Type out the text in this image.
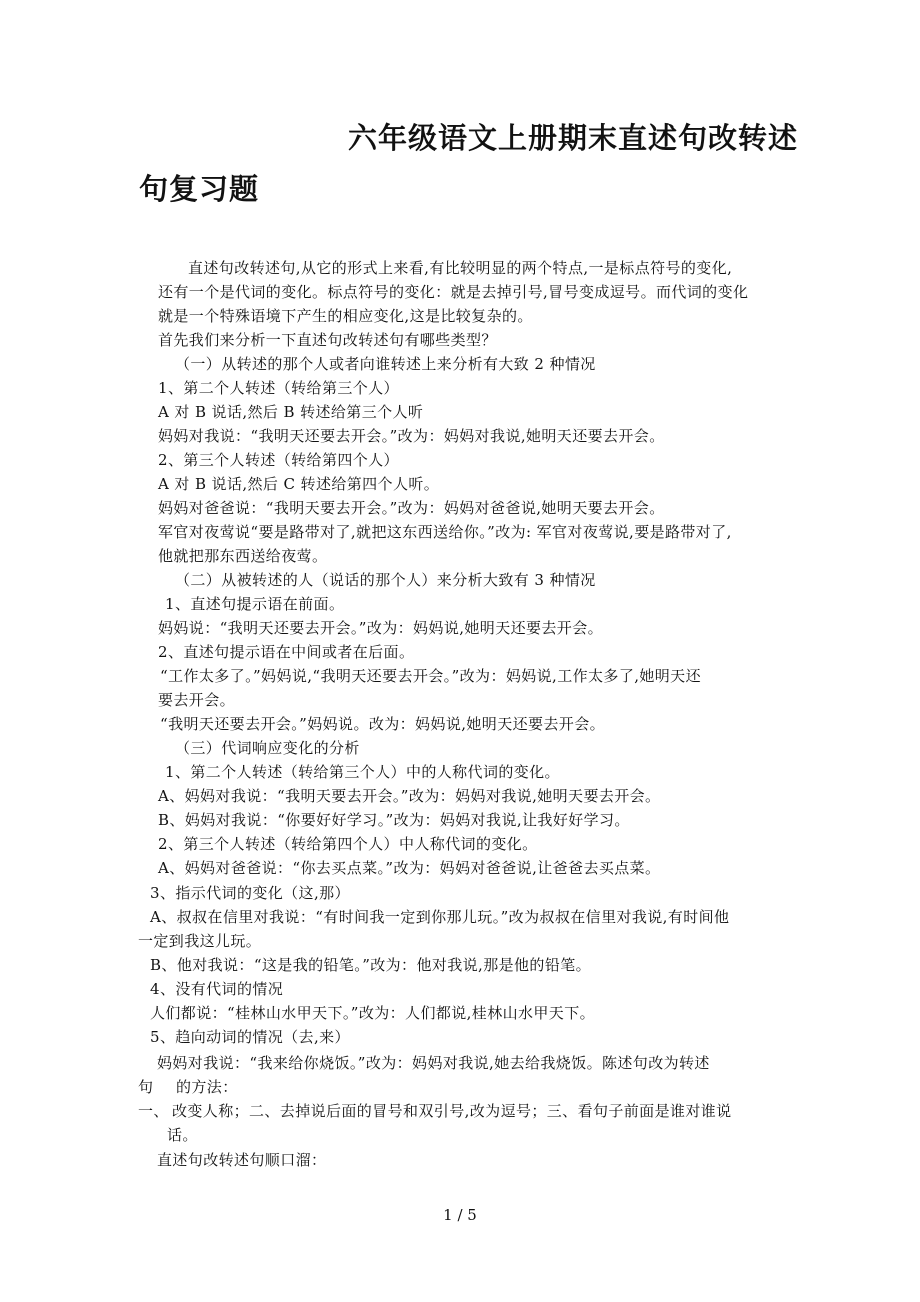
六年级语文上册期末直述句改转述
句复习题
直述句改转述句,从它的形式上来看,有比较明显的两个特点,一是标点符号的变化,
还有一个是代词的变化。标点符号的变化：就是去掉引号,冒号变成逗号。而代词的变化
就是一个特殊语境下产生的相应变化,这是比较复杂的。
首先我们来分析一下直述句改转述句有哪些类型？
（一）从转述的那个人或者向谁转述上来分析有大致 2 种情况
1、第二个人转述（转给第三个人）
A 对 B 说话,然后 B 转述给第三个人听
妈妈对我说：“我明天还要去开会。”改为：妈妈对我说,她明天还要去开会。
2、第三个人转述（转给第四个人）
A 对 B 说话,然后 C 转述给第四个人听。
妈妈对爸爸说：“我明天要去开会。”改为：妈妈对爸爸说,她明天要去开会。
军官对夜莺说“要是路带对了,就把这东西送给你。”改为: 军官对夜莺说,要是路带对了,
他就把那东西送给夜莺。
（二）从被转述的人（说话的那个人）来分析大致有 3 种情况
1、直述句提示语在前面。
妈妈说：“我明天还要去开会。”改为：妈妈说,她明天还要去开会。
2、直述句提示语在中间或者在后面。
“工作太多了。”妈妈说,“我明天还要去开会。”改为：妈妈说,工作太多了,她明天还
要去开会。
“我明天还要去开会。”妈妈说。改为：妈妈说,她明天还要去开会。
（三）代词响应变化的分析
1、第二个人转述（转给第三个人）中的人称代词的变化。
A、妈妈对我说：“我明天要去开会。”改为：妈妈对我说,她明天要去开会。
B、妈妈对我说：“你要好好学习。”改为：妈妈对我说,让我好好学习。
2、第三个人转述（转给第四个人）中人称代词的变化。
A、妈妈对爸爸说：“你去买点菜。”改为：妈妈对爸爸说,让爸爸去买点菜。
3、指示代词的变化（这,那）
A、叔叔在信里对我说：“有时间我一定到你那儿玩。”改为叔叔在信里对我说,有时间他
一定到我这儿玩。
B、他对我说：“这是我的铅笔。”改为：他对我说,那是他的铅笔。
4、没有代词的情况
人们都说：“桂林山水甲天下。”改为：人们都说,桂林山水甲天下。
5、趋向动词的情况（去,来）
妈妈对我说：“我来给你烧饭。”改为：妈妈对我说,她去给我烧饭。陈述句改为转述
句 的方法：
一、 改变人称；二、去掉说后面的冒号和双引号,改为逗号；三、看句子前面是谁对谁说
话。
直述句改转述句顺口溜：
1 / 5
